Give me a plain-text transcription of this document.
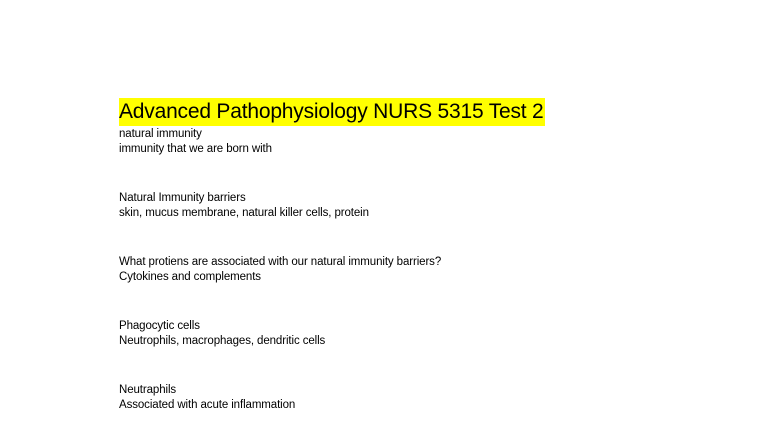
Advanced Pathophysiology NURS 5315 Test 2
natural immunity
immunity that we are born with
Natural Immunity barriers
skin, mucus membrane, natural killer cells, protein
What protiens are associated with our natural immunity barriers?
Cytokines and complements
Phagocytic cells
Neutrophils, macrophages, dendritic cells
Neutraphils
Associated with acute inflammation
